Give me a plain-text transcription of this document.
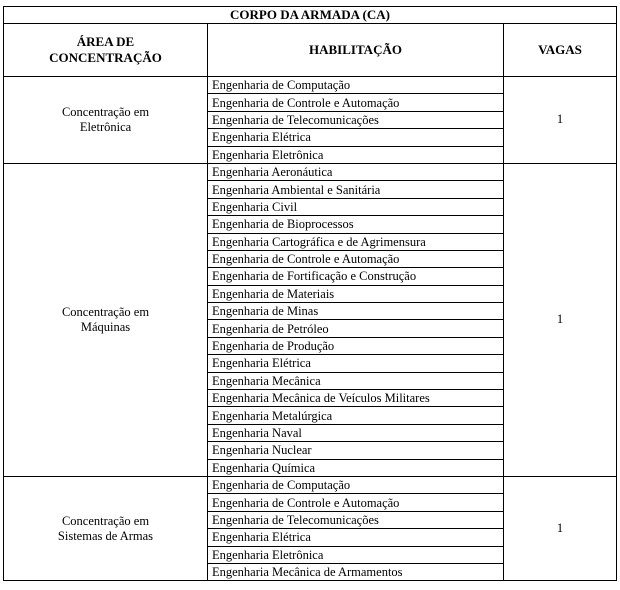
CORPO DA ARMADA (CA)		
ÁREA DE
CONCENTRAÇÃO	HABILITAÇÃO	VAGAS

Concentração em
Eletrônica	Engenharia de Computação	1
	Engenharia de Controle e Automação	
	Engenharia de Telecomunicações	
	Engenharia Elétrica	
	Engenharia Eletrônica	

Concentração em
Máquinas	Engenharia Aeronáutica	1
	Engenharia Ambiental e Sanitária	
	Engenharia Civil	
	Engenharia de Bioprocessos	
	Engenharia Cartográfica e de Agrimensura	
	Engenharia de Controle e Automação	
	Engenharia de Fortificação e Construção	
	Engenharia de Materiais	
	Engenharia de Minas	
	Engenharia de Petróleo	
	Engenharia de Produção	
	Engenharia Elétrica	
	Engenharia Mecânica	
	Engenharia Mecânica de Veículos Militares	
	Engenharia Metalúrgica	
	Engenharia Naval	
	Engenharia Nuclear	
	Engenharia Química	

Concentração em
Sistemas de Armas	Engenharia de Computação	1
	Engenharia de Controle e Automação	
	Engenharia de Telecomunicações	
	Engenharia Elétrica	
	Engenharia Eletrônica	
	Engenharia Mecânica de Armamentos	
